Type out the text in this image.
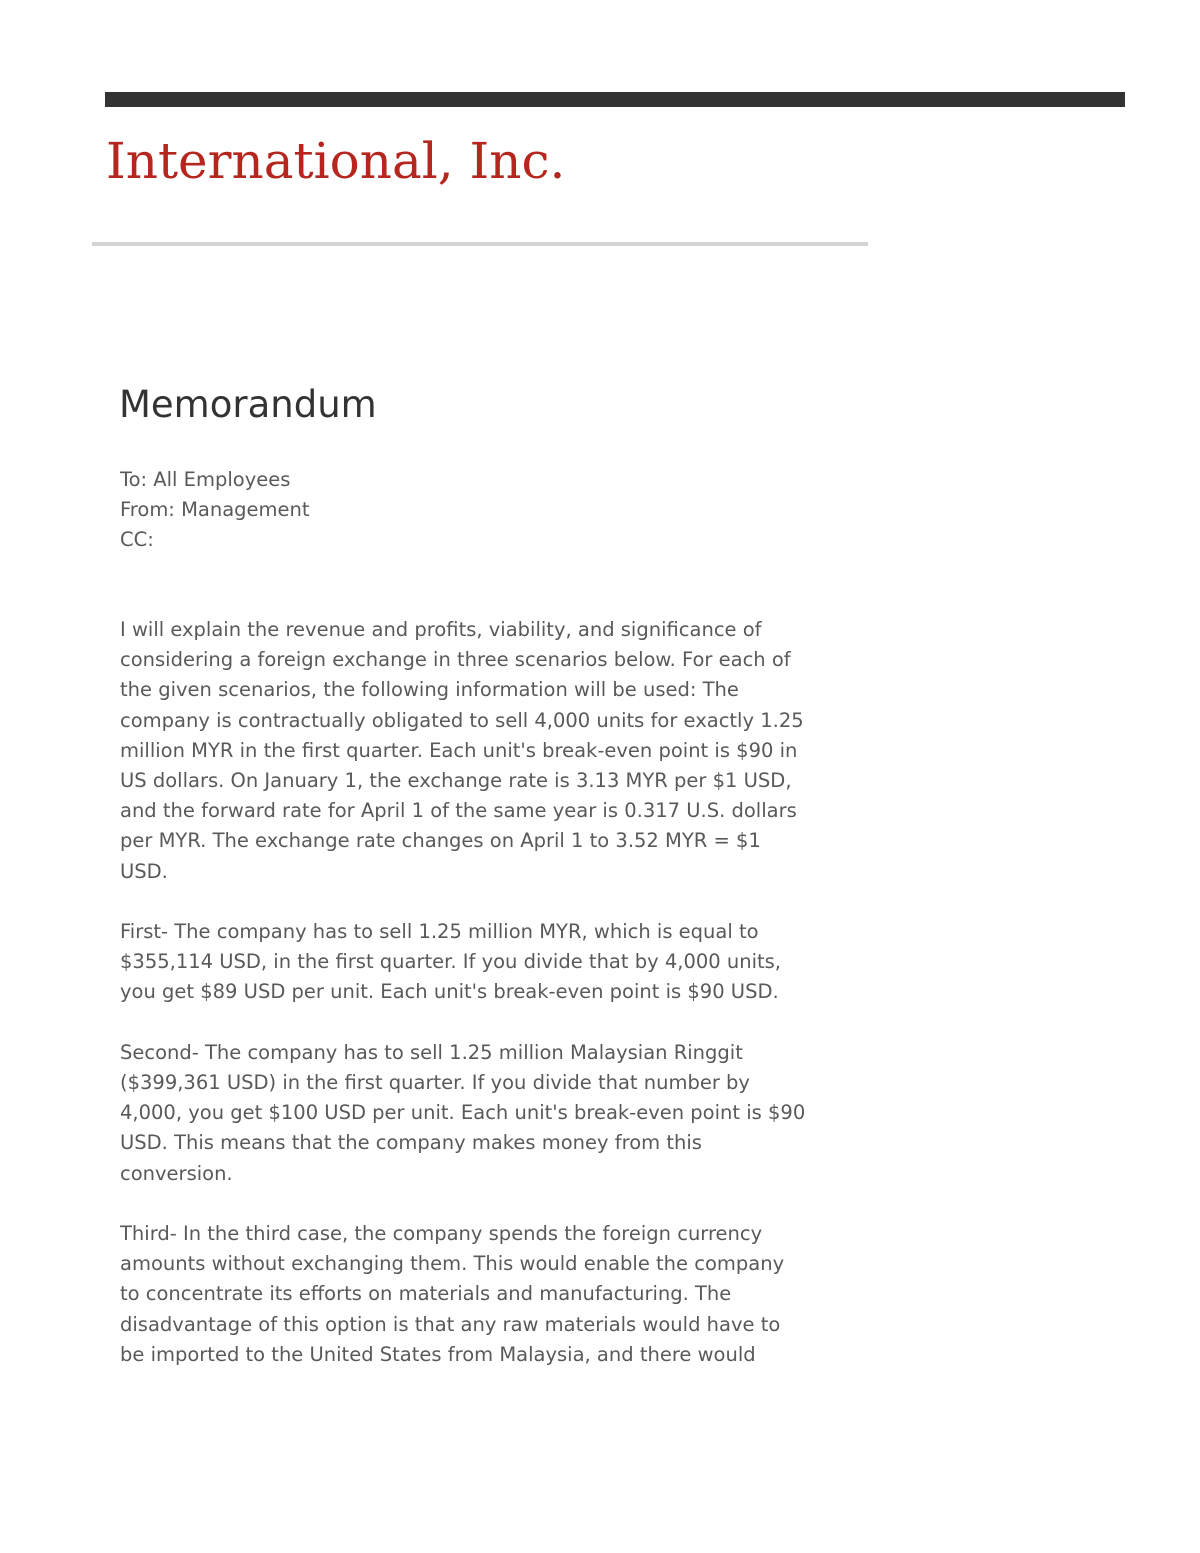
International, Inc.
Memorandum
To: All Employees
From: Management
CC:

I will explain the revenue and profits, viability, and significance of
considering a foreign exchange in three scenarios below. For each of
the given scenarios, the following information will be used: The
company is contractually obligated to sell 4,000 units for exactly 1.25
million MYR in the first quarter. Each unit's break-even point is $90 in
US dollars. On January 1, the exchange rate is 3.13 MYR per $1 USD,
and the forward rate for April 1 of the same year is 0.317 U.S. dollars
per MYR. The exchange rate changes on April 1 to 3.52 MYR = $1
USD.

First- The company has to sell 1.25 million MYR, which is equal to
$355,114 USD, in the first quarter. If you divide that by 4,000 units,
you get $89 USD per unit. Each unit's break-even point is $90 USD.

Second- The company has to sell 1.25 million Malaysian Ringgit
($399,361 USD) in the first quarter. If you divide that number by
4,000, you get $100 USD per unit. Each unit's break-even point is $90
USD. This means that the company makes money from this
conversion.

Third- In the third case, the company spends the foreign currency
amounts without exchanging them. This would enable the company
to concentrate its efforts on materials and manufacturing. The
disadvantage of this option is that any raw materials would have to
be imported to the United States from Malaysia, and there would
